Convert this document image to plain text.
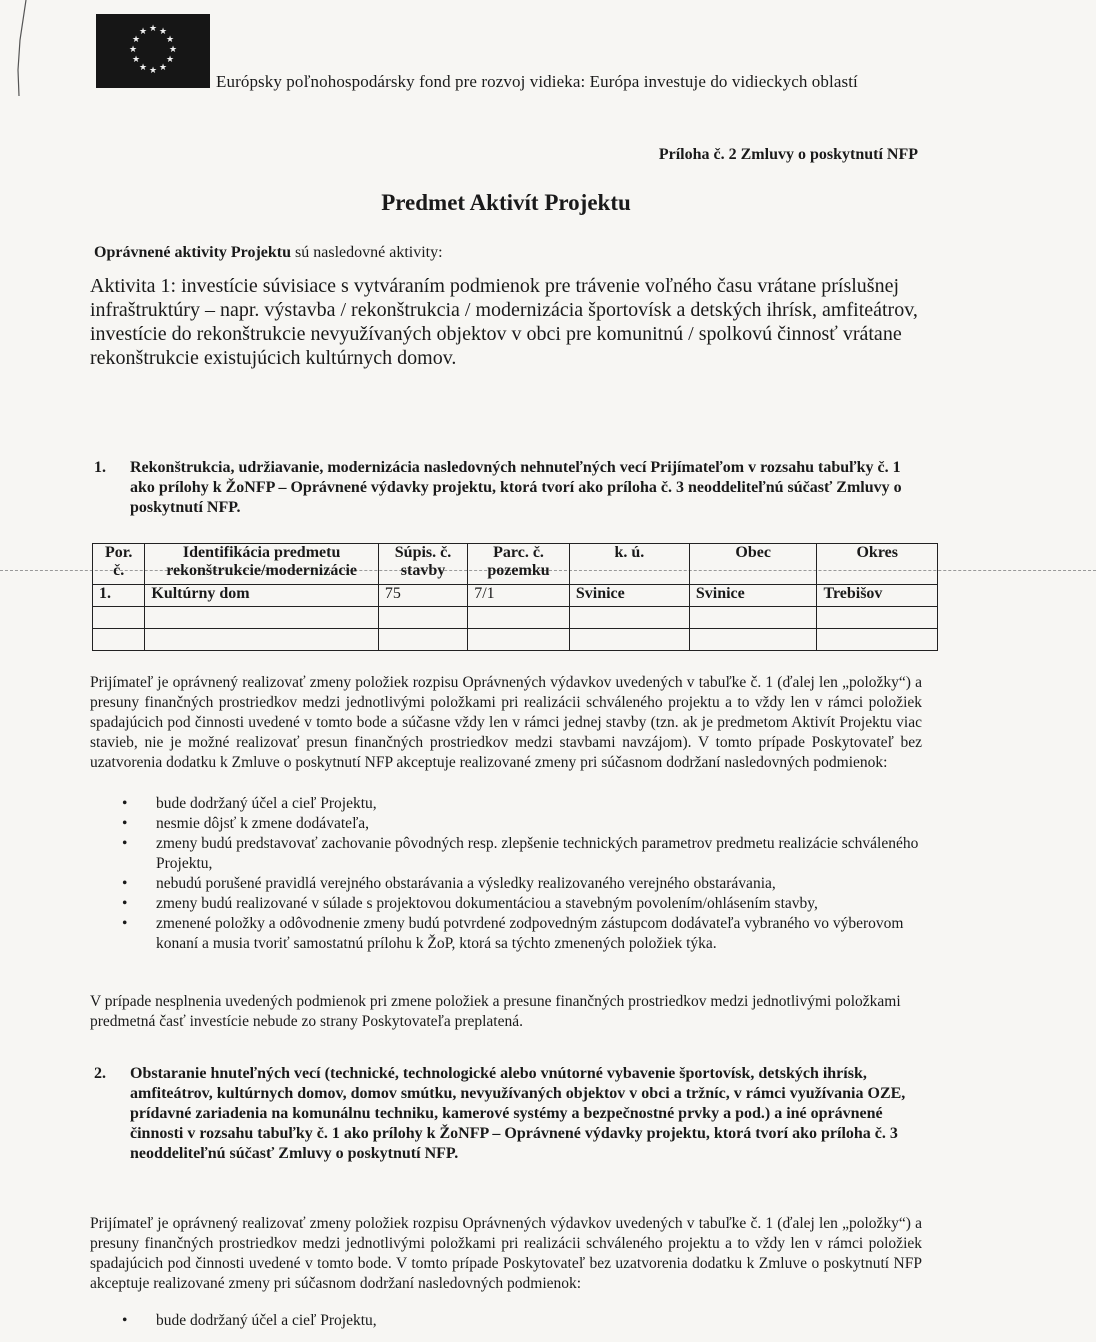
★ ★
★
★
★
★
★
★
★
★
★
★
Európsky poľnohospodársky fond pre rozvoj vidieka: Európa investuje do vidieckych oblastí
Príloha č. 2 Zmluvy o poskytnutí NFP
Predmet Aktivít Projektu
Oprávnené aktivity Projektu sú nasledovné aktivity:
Aktivita 1: investície súvisiace s vytváraním podmienok pre trávenie voľného času vrátane príslušnej infraštruktúry – napr. výstavba / rekonštrukcia / modernizácia športovísk a detských ihrísk, amfiteátrov, investície do rekonštrukcie nevyužívaných objektov v obci pre komunitnú / spolkovú činnosť vrátane rekonštrukcie existujúcich kultúrnych domov.
1.	Rekonštrukcia, udržiavanie, modernizácia nasledovných nehnuteľných vecí Prijímateľom v rozsahu tabuľky č. 1 ako prílohy k ŽoNFP – Oprávnené výdavky projektu, ktorá tvorí ako príloha č. 3 neoddeliteľnú súčasť Zmluvy o poskytnutí NFP.
Por. č.	Identifikácia predmetu rekonštrukcie/modernizácie	Súpis. č. stavby	Parc. č. pozemku	k. ú.	Obec	Okres
1.	Kultúrny dom	75	7/1	Svinice	Svinice	Trebišov

Prijímateľ je oprávnený realizovať zmeny položiek rozpisu Oprávnených výdavkov uvedených v tabuľke č. 1 (ďalej len „položky“) a presuny finančných prostriedkov medzi jednotlivými položkami pri realizácii schváleného projektu a to vždy len v rámci položiek spadajúcich pod činnosti uvedené v tomto bode a súčasne vždy len v rámci jednej stavby (tzn. ak je predmetom Aktivít Projektu viac stavieb, nie je možné realizovať presun finančných prostriedkov medzi stavbami navzájom). V tomto prípade Poskytovateľ bez uzatvorenia dodatku k Zmluve o poskytnutí NFP akceptuje realizované zmeny pri súčasnom dodržaní nasledovných podmienok:
• bude dodržaný účel a cieľ Projektu,
• nesmie dôjsť k zmene dodávateľa,
• zmeny budú predstavovať zachovanie pôvodných resp. zlepšenie technických parametrov predmetu realizácie schváleného Projektu,
• nebudú porušené pravidlá verejného obstarávania a výsledky realizovaného verejného obstarávania,
• zmeny budú realizované v súlade s projektovou dokumentáciou a stavebným povolením/ohlásením stavby,
• zmenené položky a odôvodnenie zmeny budú potvrdené zodpovedným zástupcom dodávateľa vybraného vo výberovom konaní a musia tvoriť samostatnú prílohu k ŽoP, ktorá sa týchto zmenených položiek týka.
V prípade nesplnenia uvedených podmienok pri zmene položiek a presune finančných prostriedkov medzi jednotlivými položkami predmetná časť investície nebude zo strany Poskytovateľa preplatená.
2.	Obstaranie hnuteľných vecí (technické, technologické alebo vnútorné vybavenie športovísk, detských ihrísk, amfiteátrov, kultúrnych domov, domov smútku, nevyužívaných objektov v obci a tržníc, v rámci využívania OZE, prídavné zariadenia na komunálnu techniku, kamerové systémy a bezpečnostné prvky a pod.) a iné oprávnené činnosti v rozsahu tabuľky č. 1 ako prílohy k ŽoNFP – Oprávnené výdavky projektu, ktorá tvorí ako príloha č. 3 neoddeliteľnú súčasť Zmluvy o poskytnutí NFP.
Prijímateľ je oprávnený realizovať zmeny položiek rozpisu Oprávnených výdavkov uvedených v tabuľke č. 1 (ďalej len „položky“) a presuny finančných prostriedkov medzi jednotlivými položkami pri realizácii schváleného projektu a to vždy len v rámci položiek spadajúcich pod činnosti uvedené v tomto bode. V tomto prípade Poskytovateľ bez uzatvorenia dodatku k Zmluve o poskytnutí NFP akceptuje realizované zmeny pri súčasnom dodržaní nasledovných podmienok:
• bude dodržaný účel a cieľ Projektu,
